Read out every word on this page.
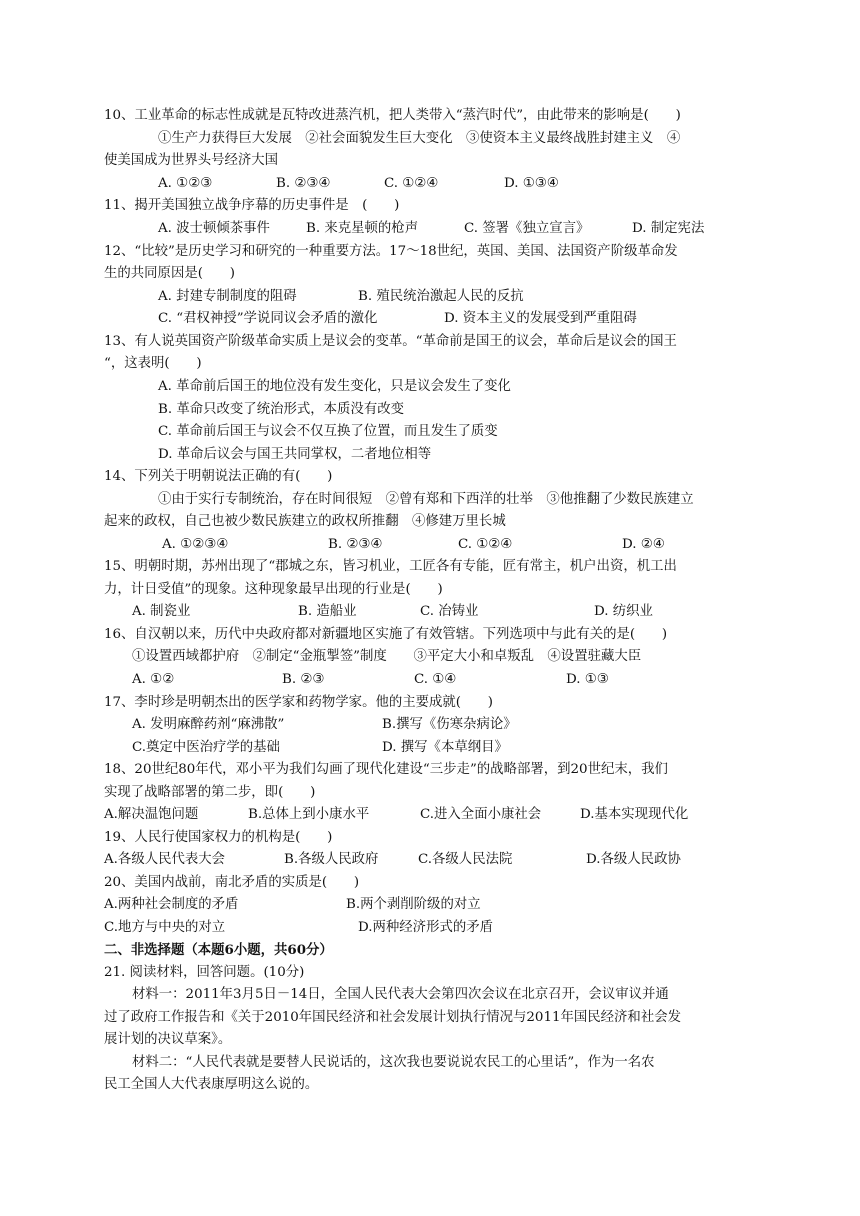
10、工业革命的标志性成就是瓦特改进蒸汽机，把人类带入“蒸汽时代”，由此带来的影响是(　　)
①生产力获得巨大发展　②社会面貌发生巨大变化　③使资本主义最终战胜封建主义　④
使美国成为世界头号经济大国
A. ①②③	B. ②③④	C. ①②④	D. ①③④
11、揭开美国独立战争序幕的历史事件是　(　　)
A. 波士顿倾茶事件	B. 来克星顿的枪声	C. 签署《独立宣言》	D. 制定宪法
12、“比较”是历史学习和研究的一种重要方法。17～18世纪，英国、美国、法国资产阶级革命发
生的共同原因是(　　)
A. 封建专制制度的阻碍	B. 殖民统治激起人民的反抗
C. “君权神授”学说同议会矛盾的激化	D. 资本主义的发展受到严重阻碍
13、有人说英国资产阶级革命实质上是议会的变革。“革命前是国王的议会，革命后是议会的国王
“，这表明(　　)
A. 革命前后国王的地位没有发生变化，只是议会发生了变化
B. 革命只改变了统治形式，本质没有改变
C. 革命前后国王与议会不仅互换了位置，而且发生了质变
D. 革命后议会与国王共同掌权，二者地位相等
14、下列关于明朝说法正确的有(　　)
①由于实行专制统治，存在时间很短　②曾有郑和下西洋的壮举　③他推翻了少数民族建立
起来的政权，自己也被少数民族建立的政权所推翻　④修建万里长城
A. ①②③④	B. ②③④	C. ①②④	D. ②④
15、明朝时期，苏州出现了“郡城之东，皆习机业，工匠各有专能，匠有常主，机户出资，机工出
力，计日受值”的现象。这种现象最早出现的行业是(　　)
A. 制瓷业	B. 造船业	C. 冶铸业	D. 纺织业
16、自汉朝以来，历代中央政府都对新疆地区实施了有效管辖。下列选项中与此有关的是(　　)
①设置西域都护府　②制定“金瓶掣签”制度　　③平定大小和卓叛乱　④设置驻藏大臣
A. ①②	B. ②③	C. ①④	D. ①③
17、李时珍是明朝杰出的医学家和药物学家。他的主要成就(　　)
A. 发明麻醉药剂“麻沸散”	B.撰写《伤寒杂病论》
C.奠定中医治疗学的基础	D. 撰写《本草纲目》
18、20世纪80年代，邓小平为我们勾画了现代化建设“三步走”的战略部署，到20世纪末，我们
实现了战略部署的第二步，即(　　)
A.解决温饱问题	B.总体上到小康水平	C.进入全面小康社会	D.基本实现现代化
19、人民行使国家权力的机构是(　　)
A.各级人民代表大会	B.各级人民政府	C.各级人民法院	D.各级人民政协
20、美国内战前，南北矛盾的实质是(　　)
A.两种社会制度的矛盾	B.两个剥削阶级的对立
C.地方与中央的对立	D.两种经济形式的矛盾
二、非选择题（本题6小题，共60分）
21. 阅读材料，回答问题。(10分)
材料一：2011年3月5日－14日，全国人民代表大会第四次会议在北京召开，会议审议并通
过了政府工作报告和《关于2010年国民经济和社会发展计划执行情况与2011年国民经济和社会发
展计划的决议草案》。
材料二：“人民代表就是要替人民说话的，这次我也要说说农民工的心里话”，作为一名农
民工全国人大代表康厚明这么说的。
